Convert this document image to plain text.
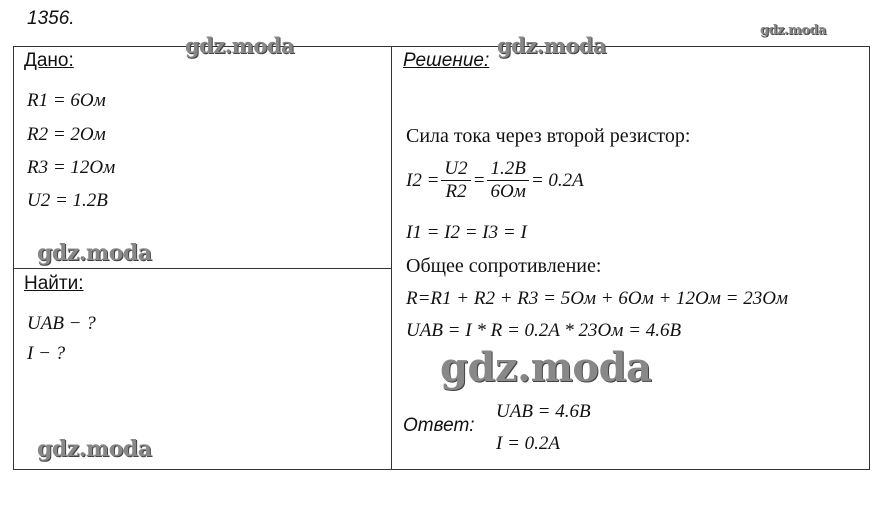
1356.
Дано:
R1 = 6Ом
R2 = 2Ом
R3 = 12Ом
U2 = 1.2B
Найти:
UAB − ?
I − ?
Решение:
Сила тока через второй резистор:
$I2 = \frac{U2}{R2} = \frac{1.2B}{6Ом} = 0.2A$
I1 = I2 = I3 = I
Общее сопротивление:
R=R1 + R2 + R3 = 5Ом + 6Ом + 12Ом = 23Ом
UAB = I * R = 0.2A * 23Ом = 4.6B
Ответ:
UAB = 4.6B
I = 0.2A
gdz.moda	gdz.moda
gdz.moda
gdz.moda
gdz.moda
gdz.moda
